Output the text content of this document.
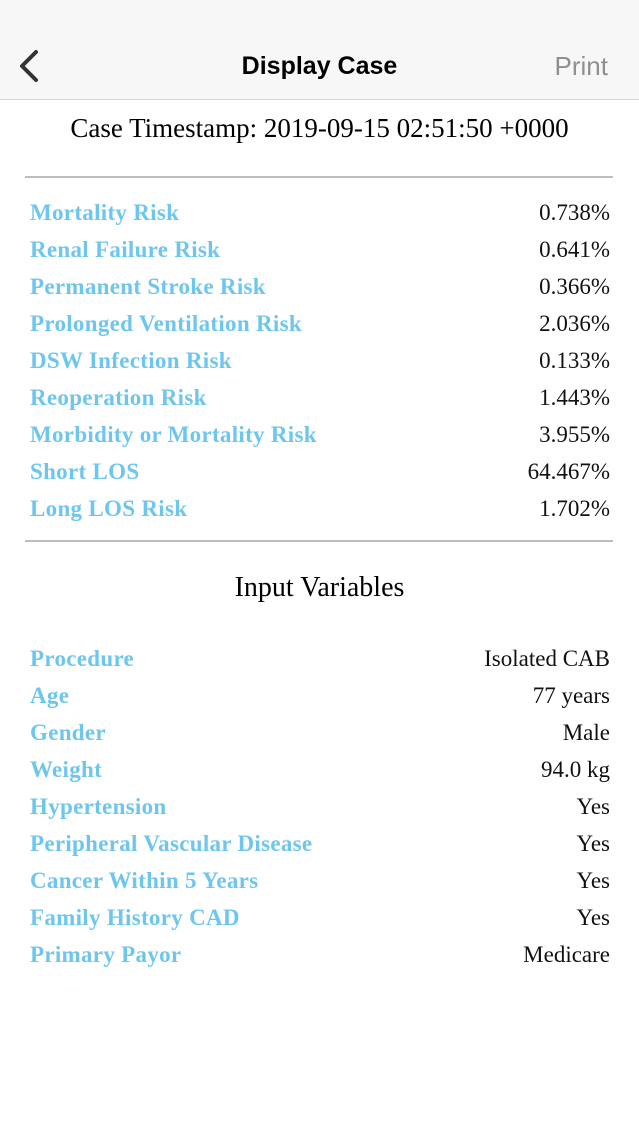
Display Case	Print
Case Timestamp: 2019-09-15 02:51:50 +0000
Mortality Risk	0.738%
Renal Failure Risk	0.641%
Permanent Stroke Risk	0.366%
Prolonged Ventilation Risk	2.036%
DSW Infection Risk	0.133%
Reoperation Risk	1.443%
Morbidity or Mortality Risk	3.955%
Short LOS	64.467%
Long LOS Risk	1.702%
Input Variables
Procedure	Isolated CAB
Age	77 years
Gender	Male
Weight	94.0 kg
Hypertension	Yes
Peripheral Vascular Disease	Yes
Cancer Within 5 Years	Yes
Family History CAD	Yes
Primary Payor	Medicare
